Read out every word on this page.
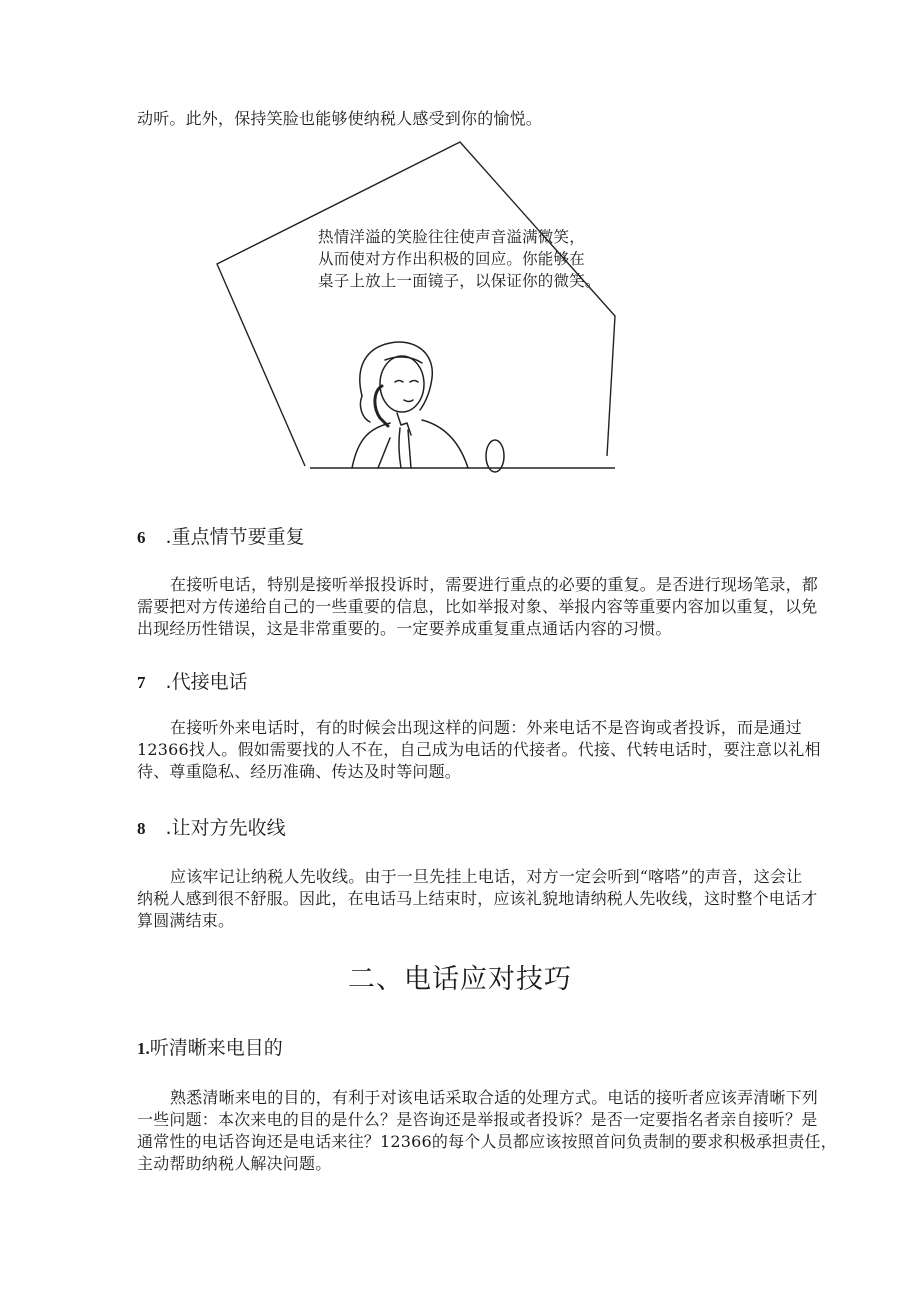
动听。此外，保持笑脸也能够使纳税人感受到你的愉悦。

热情洋溢的笑脸往往使声音溢满微笑，

从而使对方作出积极的回应。你能够在

桌子上放上一面镜子，以保证你的微笑。

6 .重点情节要重复

在接听电话，特别是接听举报投诉时，需要进行重点的必要的重复。是否进行现场笔录，都

需要把对方传递给自己的一些重要的信息，比如举报对象、举报内容等重要内容加以重复，以免

出现经历性错误，这是非常重要的。一定要养成重复重点通话内容的习惯。

7 .代接电话

在接听外来电话时，有的时候会出现这样的问题：外来电话不是咨询或者投诉，而是通过

12366找人。假如需要找的人不在，自己成为电话的代接者。代接、代转电话时，要注意以礼相

待、尊重隐私、经历准确、传达及时等问题。

8 .让对方先收线

应该牢记让纳税人先收线。由于一旦先挂上电话，对方一定会听到“喀嗒”的声音，这会让

纳税人感到很不舒服。因此，在电话马上结束时，应该礼貌地请纳税人先收线，这时整个电话才

算圆满结束。

二、电话应对技巧
1.听清晰来电目的

熟悉清晰来电的目的，有利于对该电话采取合适的处理方式。电话的接听者应该弄清晰下列

一些问题：本次来电的目的是什么？是咨询还是举报或者投诉？是否一定要指名者亲自接听？是

通常性的电话咨询还是电话来往？12366的每个人员都应该按照首问负责制的要求积极承担责任，

主动帮助纳税人解决问题。
